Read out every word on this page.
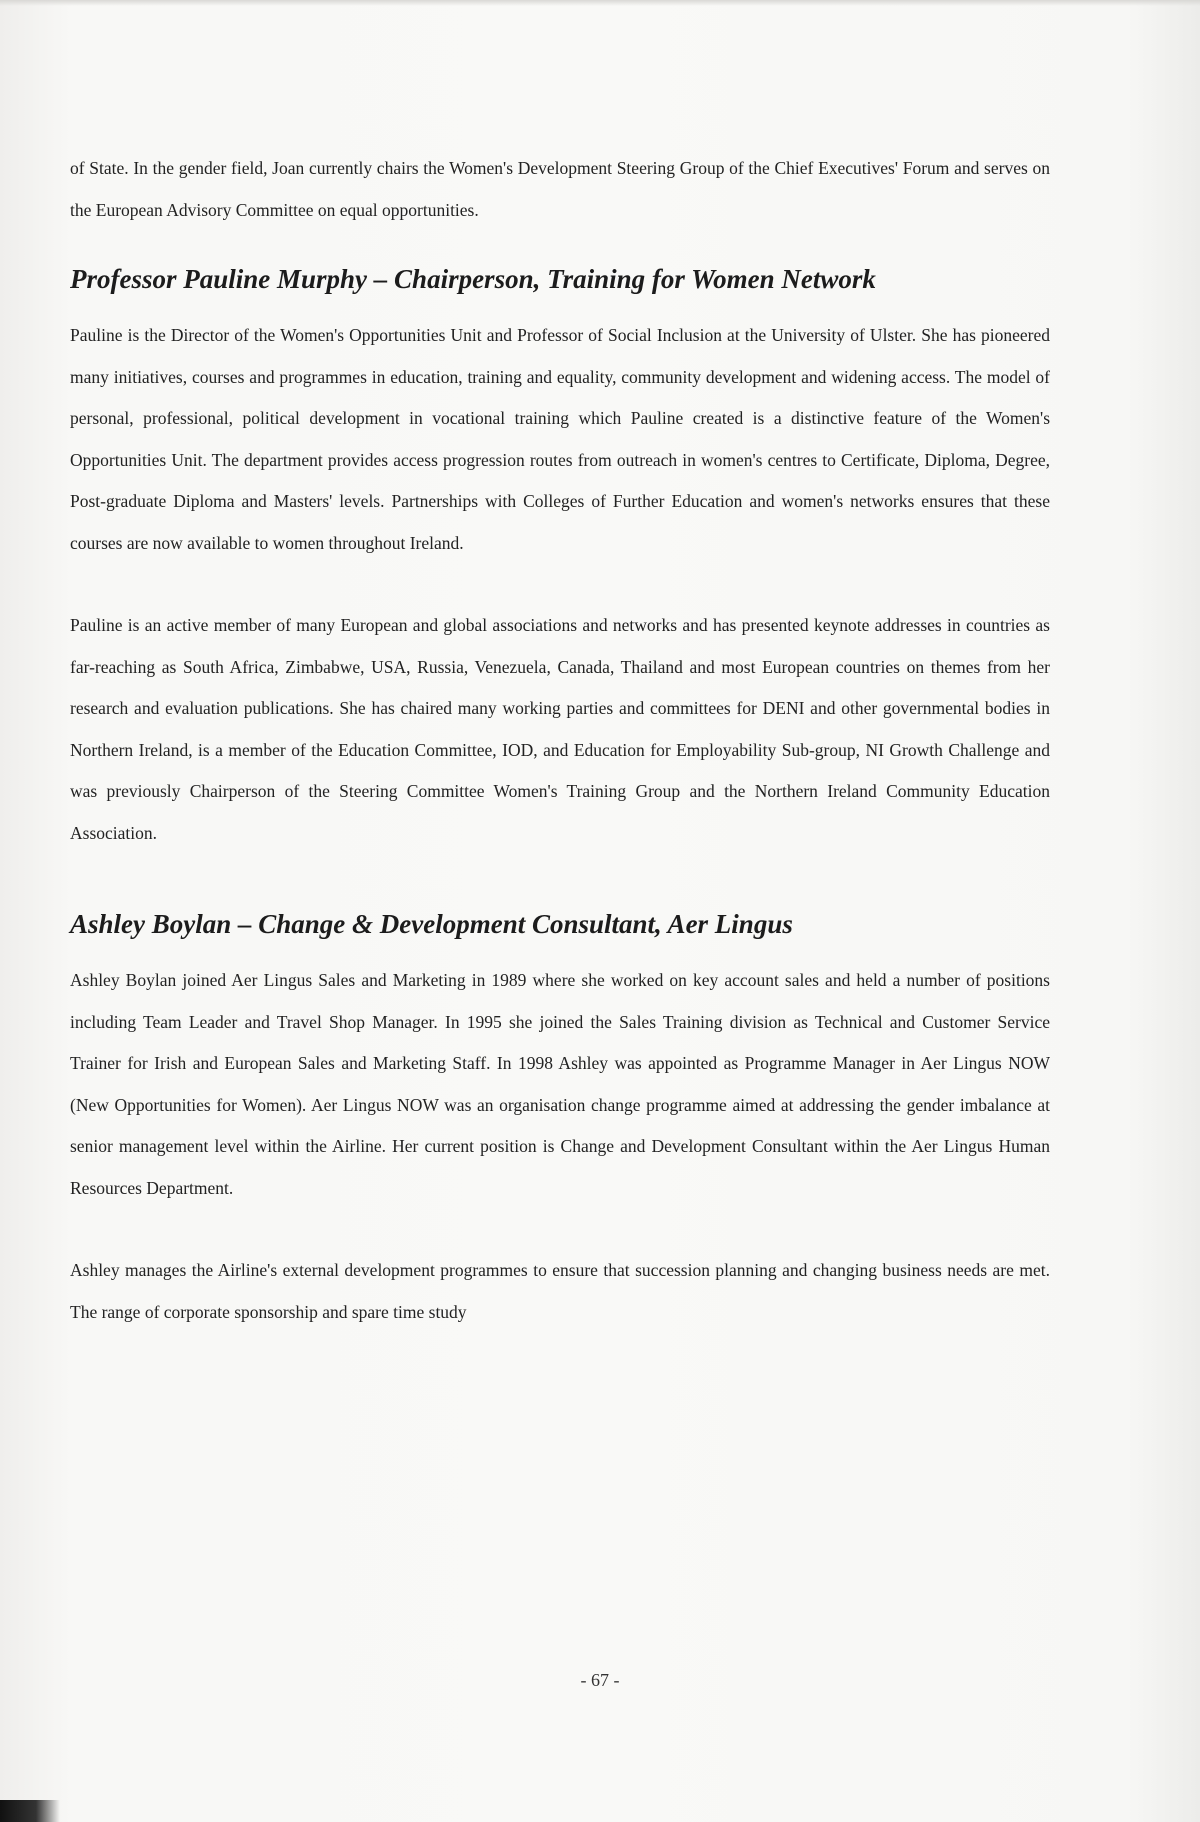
of State. In the gender field, Joan currently chairs the Women's Development Steering Group of the Chief Executives' Forum and serves on the European Advisory Committee on equal opportunities.

Professor Pauline Murphy – Chairperson, Training for Women Network

Pauline is the Director of the Women's Opportunities Unit and Professor of Social Inclusion at the University of Ulster. She has pioneered many initiatives, courses and programmes in education, training and equality, community development and widening access. The model of personal, professional, political development in vocational training which Pauline created is a distinctive feature of the Women's Opportunities Unit. The department provides access progression routes from outreach in women's centres to Certificate, Diploma, Degree, Post-graduate Diploma and Masters' levels. Partnerships with Colleges of Further Education and women's networks ensures that these courses are now available to women throughout Ireland.

Pauline is an active member of many European and global associations and networks and has presented keynote addresses in countries as far-reaching as South Africa, Zimbabwe, USA, Russia, Venezuela, Canada, Thailand and most European countries on themes from her research and evaluation publications. She has chaired many working parties and committees for DENI and other governmental bodies in Northern Ireland, is a member of the Education Committee, IOD, and Education for Employability Sub-group, NI Growth Challenge and was previously Chairperson of the Steering Committee Women's Training Group and the Northern Ireland Community Education Association.

Ashley Boylan – Change & Development Consultant, Aer Lingus

Ashley Boylan joined Aer Lingus Sales and Marketing in 1989 where she worked on key account sales and held a number of positions including Team Leader and Travel Shop Manager. In 1995 she joined the Sales Training division as Technical and Customer Service Trainer for Irish and European Sales and Marketing Staff. In 1998 Ashley was appointed as Programme Manager in Aer Lingus NOW (New Opportunities for Women). Aer Lingus NOW was an organisation change programme aimed at addressing the gender imbalance at senior management level within the Airline. Her current position is Change and Development Consultant within the Aer Lingus Human Resources Department.

Ashley manages the Airline's external development programmes to ensure that succession planning and changing business needs are met. The range of corporate sponsorship and spare time study

- 67 -
